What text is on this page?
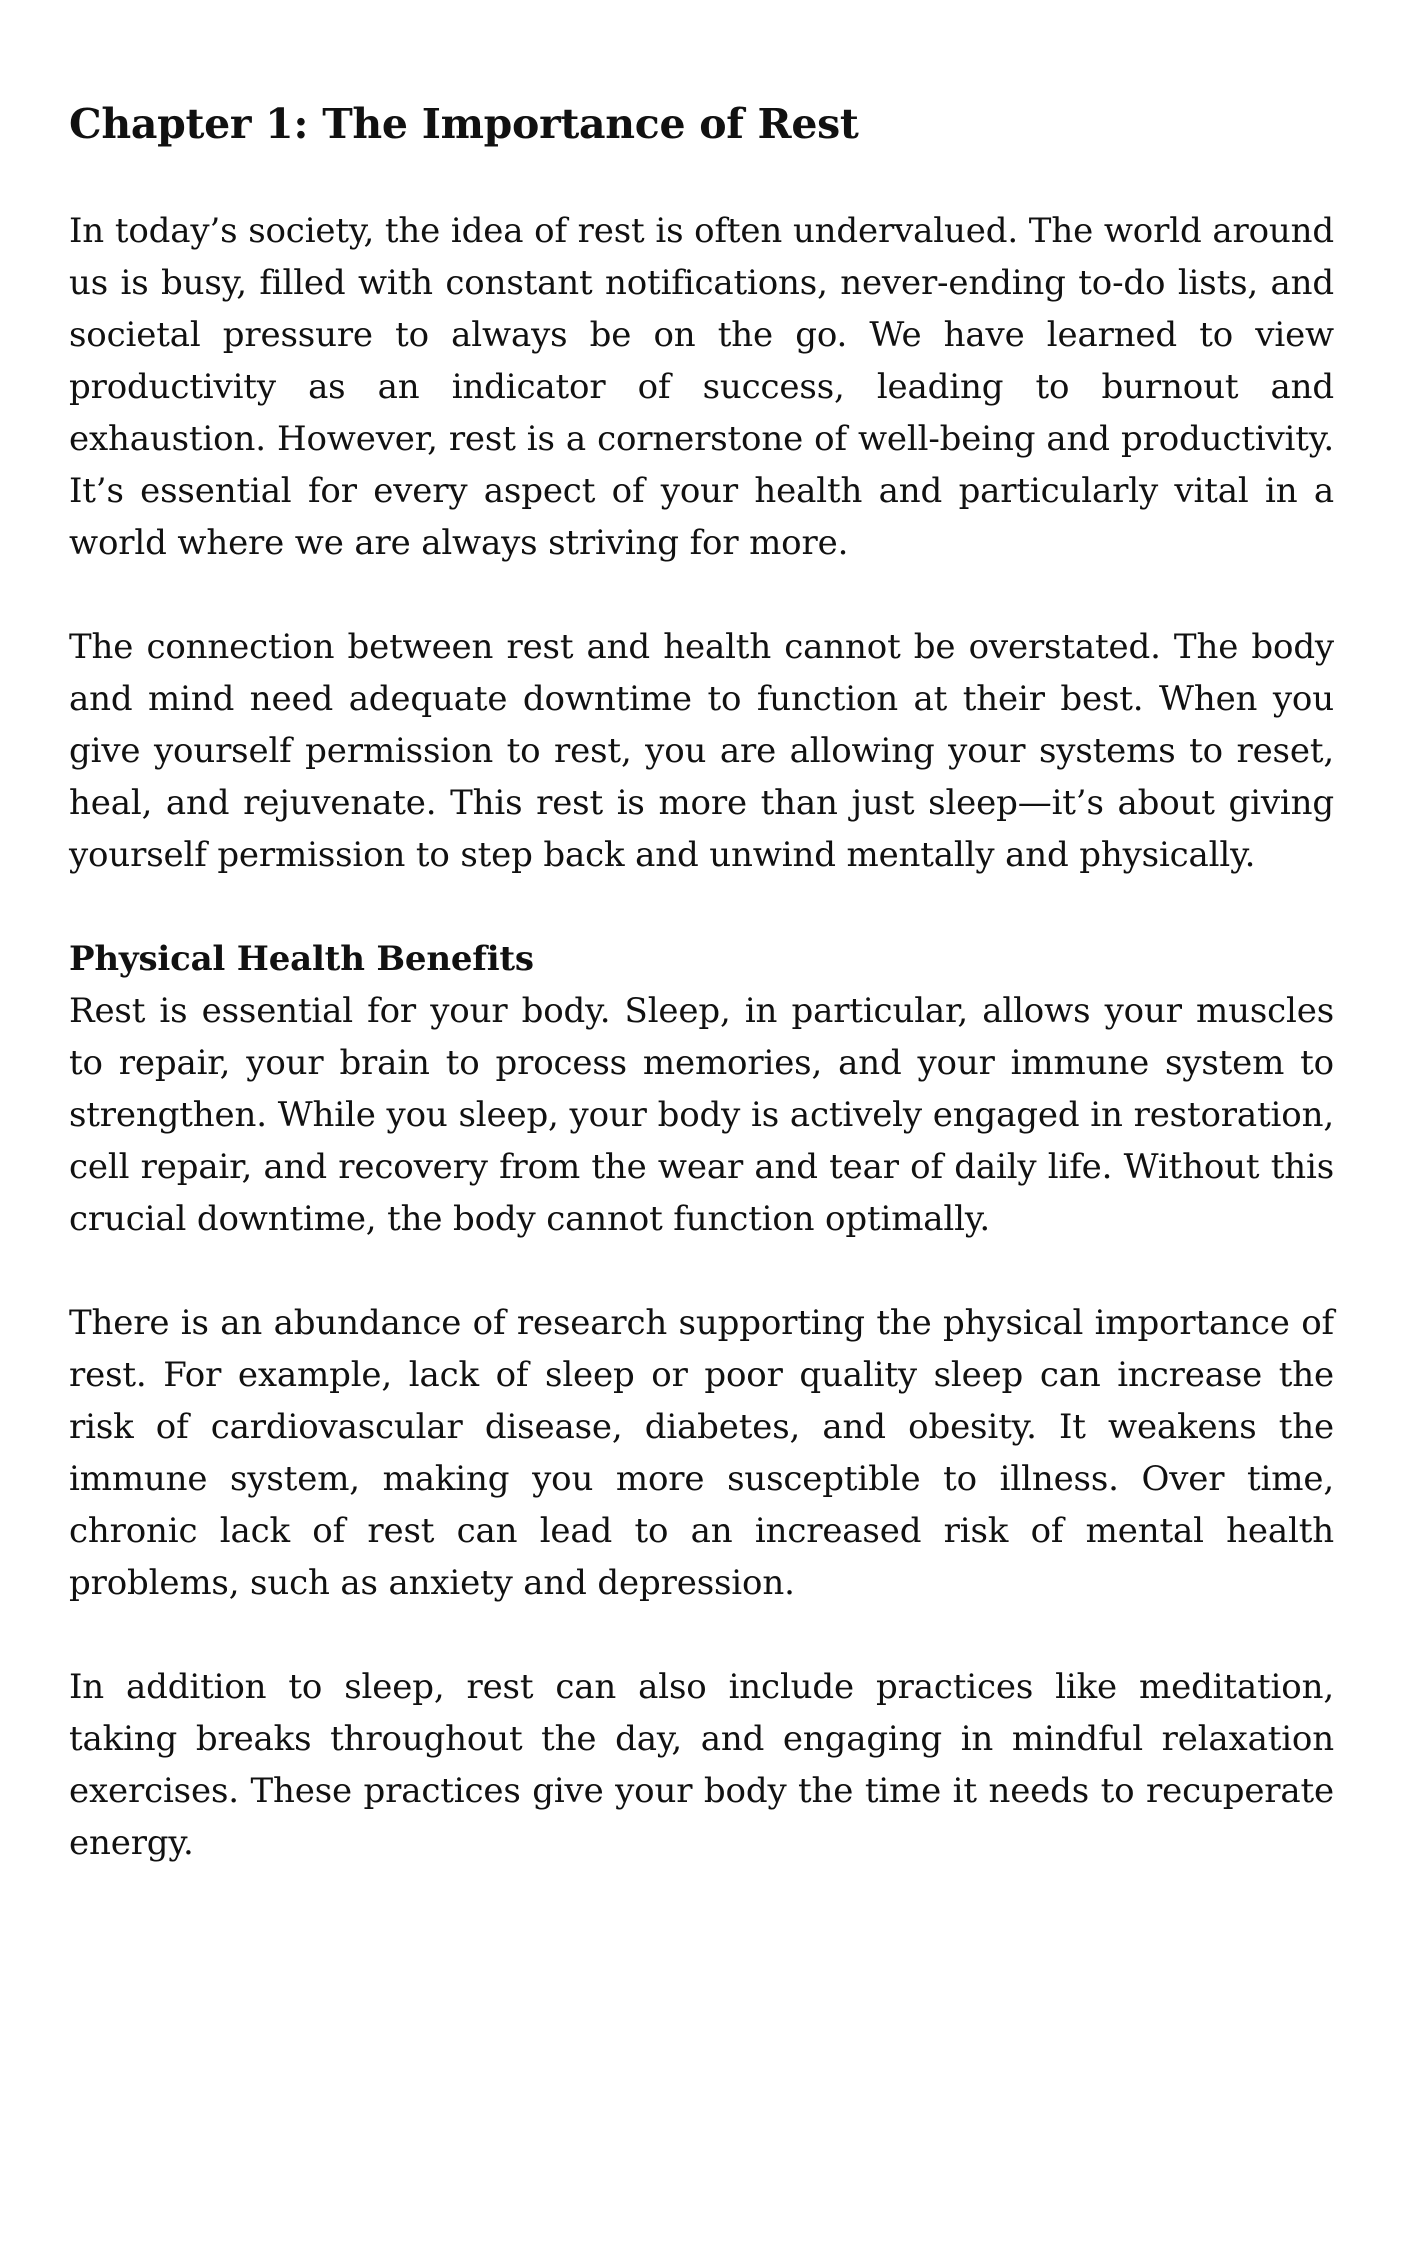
Chapter 1: The Importance of Rest

In today’s society, the idea of rest is often undervalued. The world around us is busy, filled with constant notifications, never-ending to-do lists, and societal pressure to always be on the go. We have learned to view productivity as an indicator of success, leading to burnout and exhaustion. However, rest is a cornerstone of well-being and productivity. It’s essential for every aspect of your health and particularly vital in a world where we are always striving for more.

The connection between rest and health cannot be overstated. The body and mind need adequate downtime to function at their best. When you give yourself permission to rest, you are allowing your systems to reset, heal, and rejuvenate. This rest is more than just sleep—it’s about giving yourself permission to step back and unwind mentally and physically.

Physical Health Benefits

Rest is essential for your body. Sleep, in particular, allows your muscles to repair, your brain to process memories, and your immune system to strengthen. While you sleep, your body is actively engaged in restoration, cell repair, and recovery from the wear and tear of daily life. Without this crucial downtime, the body cannot function optimally.

There is an abundance of research supporting the physical importance of rest. For example, lack of sleep or poor quality sleep can increase the risk of cardiovascular disease, diabetes, and obesity. It weakens the immune system, making you more susceptible to illness. Over time, chronic lack of rest can lead to an increased risk of mental health problems, such as anxiety and depression.

In addition to sleep, rest can also include practices like meditation, taking breaks throughout the day, and engaging in mindful relaxation exercises. These practices give your body the time it needs to recuperate energy.
